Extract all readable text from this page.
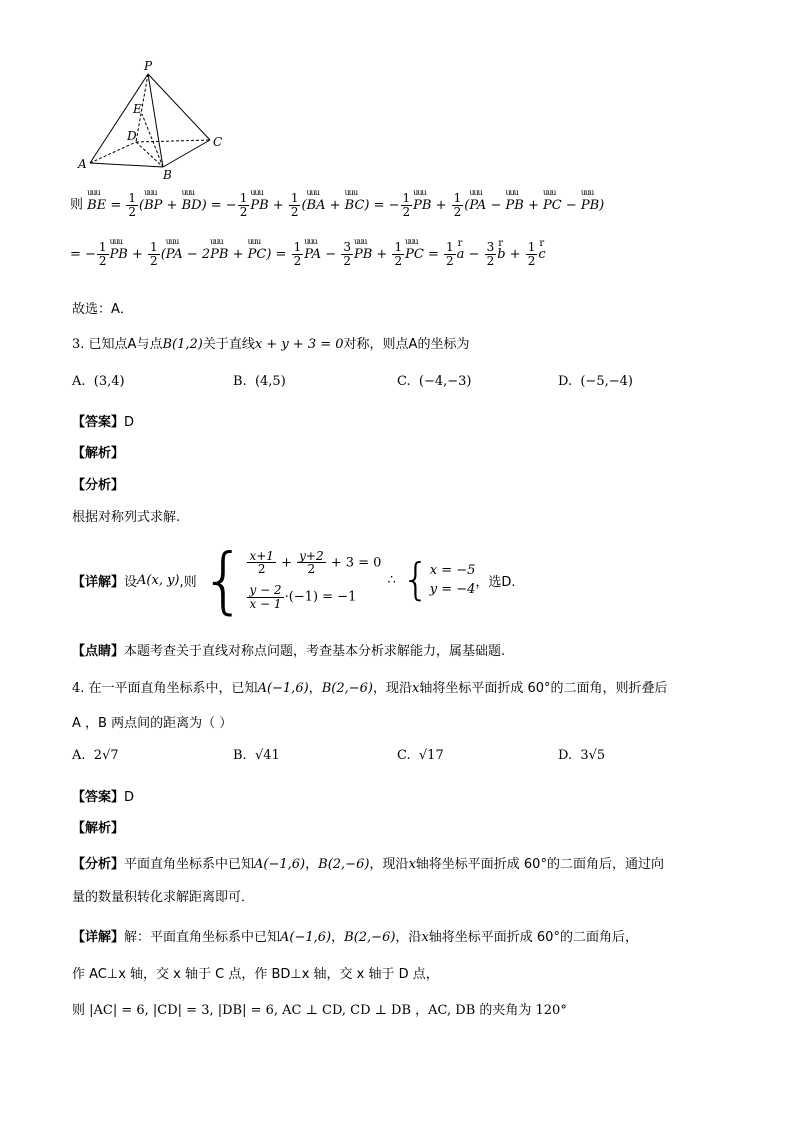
P
E
D	C
A
B
则 uuu BE = $\frac{1}{2} (uuu$ BP + uuu BD) = − $\frac{1}{2}$ uuu PB + $\frac{1}{2} (uuu$ BA + uuu BC) = − $\frac{1}{2}$ uuu PB + $\frac{1}{2} (uuu$ PA − uuu PB + uuu PC − uuu PB)
= − $\frac{1}{2}$ uuu PB + $\frac{1}{2} (uuu$ PA − 2uuu PB + uuu $PC) = \frac{1}{2}$ uuu PA − $\frac{3}{2}$ uuu PB + $\frac{1}{2}$ uuu PC = $\frac{1}{2}$ r $a - \frac{3}{2}$ r $b + \frac{1}{2}$ r c
故选：A．
3. 已知点A与点B(1,2)关于直线x + y + 3 = 0对称，则点A的坐标为
A. (3,4)	B. (4,5)	C. (−4,−3)	D. (−5,−4)
【答案】D
【解析】
【分析】
根据对称列式求解.
【详解】 设 A(x, y) ,则 { $\frac{x+1}{2} + \frac{y+2}{2} + 3 = 0$
$\frac{y - 2}{x - 1} \cdot(-1) = -1$
∴ { x = −5
y = −4 ，选D.
【点睛】本题考查关于直线对称点问题，考查基本分析求解能力，属基础题.
4. 在一平面直角坐标系中，已知A(−1,6)，B(2,−6)，现沿x轴将坐标平面折成 60°的二面角，则折叠后
A ，B 两点间的距离为（ ）
A. 2√7	B. √41	C. √17	D. 3√5
【答案】D
【解析】
【分析】平面直角坐标系中已知A(−1,6)，B(2,−6)，现沿x轴将坐标平面折成 60°的二面角后，通过向
量的数量积转化求解距离即可．
【详解】解：平面直角坐标系中已知A(−1,6)，B(2,−6)，沿x轴将坐标平面折成 60°的二面角后，
作 AC⊥x 轴，交 x 轴于 C 点，作 BD⊥x 轴，交 x 轴于 D 点，
则 |AC| = 6, |CD| = 3, |DB| = 6, AC ⊥ CD, CD ⊥ DB ，AC, DB 的夹角为 120°
